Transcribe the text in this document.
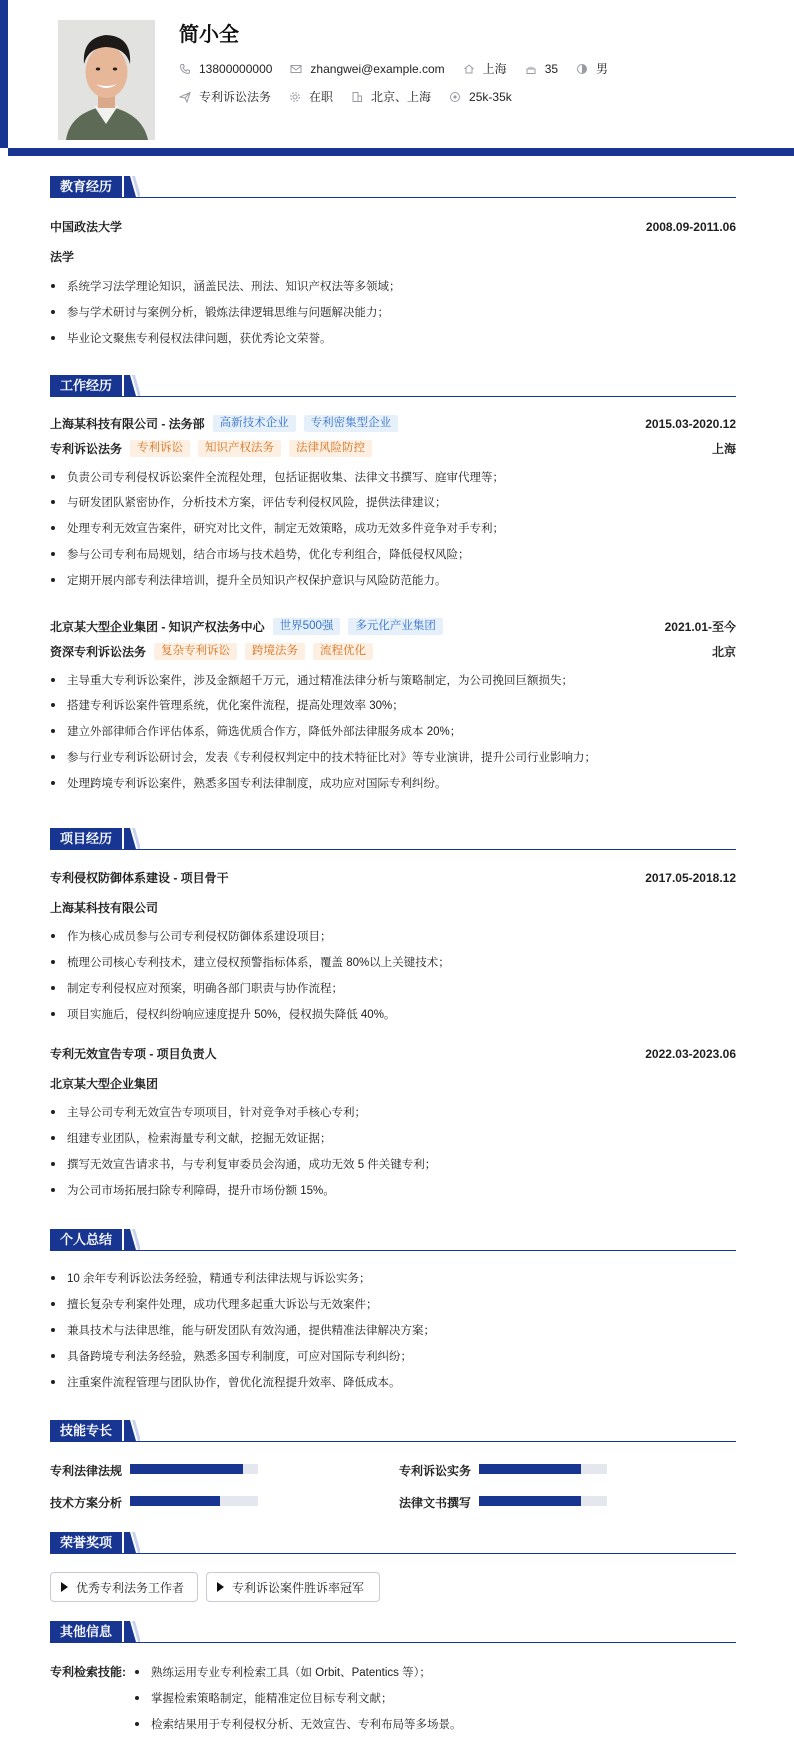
简小全
13800000000	zhangwei@example.com	上海	35	男
专利诉讼法务	在职	北京、上海	25k-35k
教育经历
中国政法大学	2008.09-2011.06
法学
系统学习法学理论知识，涵盖民法、刑法、知识产权法等多领域；
参与学术研讨与案例分析，锻炼法律逻辑思维与问题解决能力；
毕业论文聚焦专利侵权法律问题，获优秀论文荣誉。
工作经历
上海某科技有限公司 - 法务部	高新技术企业	专利密集型企业	2015.03-2020.12
专利诉讼法务	专利诉讼	知识产权法务	法律风险防控	上海
负责公司专利侵权诉讼案件全流程处理，包括证据收集、法律文书撰写、庭审代理等；
与研发团队紧密协作，分析技术方案，评估专利侵权风险，提供法律建议；
处理专利无效宣告案件，研究对比文件，制定无效策略，成功无效多件竞争对手专利；
参与公司专利布局规划，结合市场与技术趋势，优化专利组合，降低侵权风险；
定期开展内部专利法律培训，提升全员知识产权保护意识与风险防范能力。
北京某大型企业集团 - 知识产权法务中心	世界500强	多元化产业集团	2021.01-至今
资深专利诉讼法务	复杂专利诉讼	跨境法务	流程优化	北京
主导重大专利诉讼案件，涉及金额超千万元，通过精准法律分析与策略制定，为公司挽回巨额损失；
搭建专利诉讼案件管理系统，优化案件流程，提高处理效率 30%；
建立外部律师合作评估体系，筛选优质合作方，降低外部法律服务成本 20%；
参与行业专利诉讼研讨会，发表《专利侵权判定中的技术特征比对》等专业演讲，提升公司行业影响力；
处理跨境专利诉讼案件，熟悉多国专利法律制度，成功应对国际专利纠纷。
项目经历
专利侵权防御体系建设 - 项目骨干	2017.05-2018.12
上海某科技有限公司
作为核心成员参与公司专利侵权防御体系建设项目；
梳理公司核心专利技术，建立侵权预警指标体系，覆盖 80%以上关键技术；
制定专利侵权应对预案，明确各部门职责与协作流程；
项目实施后，侵权纠纷响应速度提升 50%，侵权损失降低 40%。
专利无效宣告专项 - 项目负责人	2022.03-2023.06
北京某大型企业集团
主导公司专利无效宣告专项项目，针对竞争对手核心专利；
组建专业团队，检索海量专利文献，挖掘无效证据；
撰写无效宣告请求书，与专利复审委员会沟通，成功无效 5 件关键专利；
为公司市场拓展扫除专利障碍，提升市场份额 15%。
个人总结
10 余年专利诉讼法务经验，精通专利法律法规与诉讼实务；
擅长复杂专利案件处理，成功代理多起重大诉讼与无效案件；
兼具技术与法律思维，能与研发团队有效沟通，提供精准法律解决方案；
具备跨境专利法务经验，熟悉多国专利制度，可应对国际专利纠纷；
注重案件流程管理与团队协作，曾优化流程提升效率、降低成本。
技能专长
专利法律法规	专利诉讼实务
技术方案分析	法律文书撰写
荣誉奖项
优秀专利法务工作者	专利诉讼案件胜诉率冠军
其他信息
专利检索技能:	熟练运用专业专利检索工具（如 Orbit、Patentics 等）；
掌握检索策略制定，能精准定位目标专利文献；
检索结果用于专利侵权分析、无效宣告、专利布局等多场景。
